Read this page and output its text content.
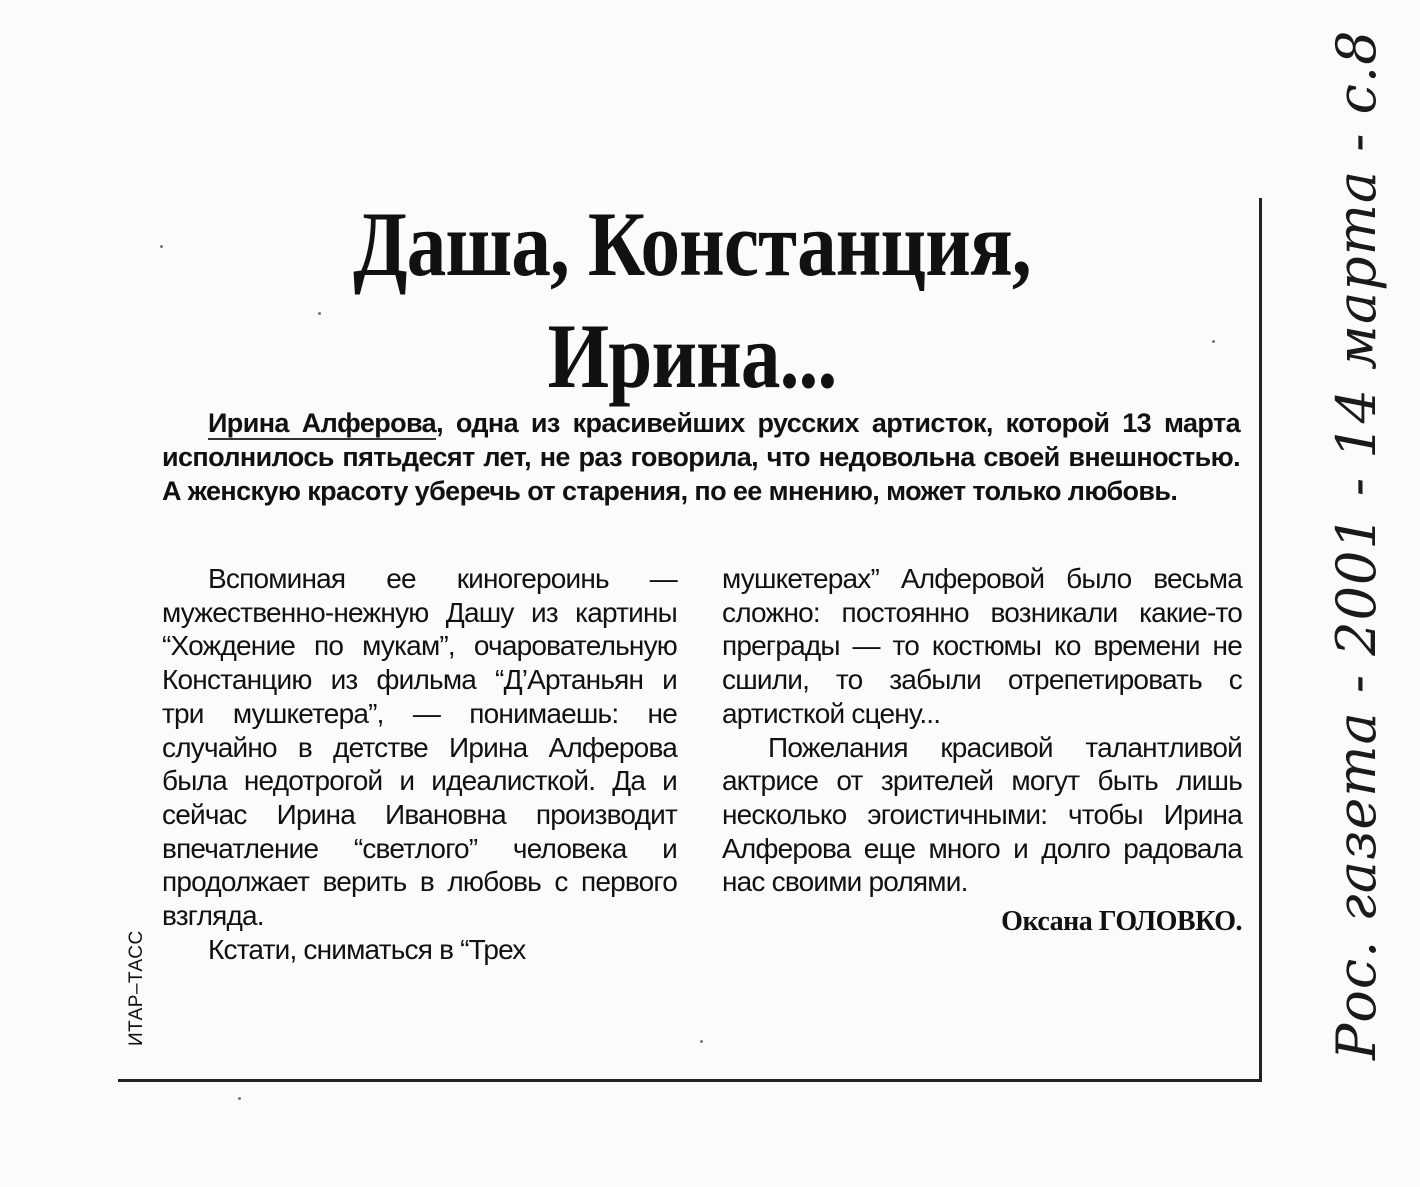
Даша, Констанция,
Ирина...
Ирина Алферова, одна из красивейших русских артисток, которой 13 марта исполнилось пятьдесят лет, не раз говорила, что недовольна своей внешностью. А женскую красоту уберечь от старения, по ее мнению, может только любовь.

Вспоминая ее киногероинь — мужественно-нежную Дашу из картины “Хождение по мукам”, очаровательную Констанцию из фильма “Д’Артаньян и три мушкетера”, — понимаешь: не случайно в детстве Ирина Алферова была недотрогой и идеалисткой. Да и сейчас Ирина Ивановна производит впечатление “светлого” человека и продолжает верить в любовь с первого взгляда.

Кстати, сниматься в “Трех

мушкетерах” Алферовой было весьма сложно: постоянно возникали какие-то преграды — то костюмы ко времени не сшили, то забыли отрепетировать с артисткой сцену...

Пожелания красивой талантливой актрисе от зрителей могут быть лишь несколько эгоистичными: чтобы Ирина Алферова еще много и долго радовала нас своими ролями.

Оксана ГОЛОВКО.
ИТАР–ТАСС	Рос. газета - 2001 - 14 марта - с.8
